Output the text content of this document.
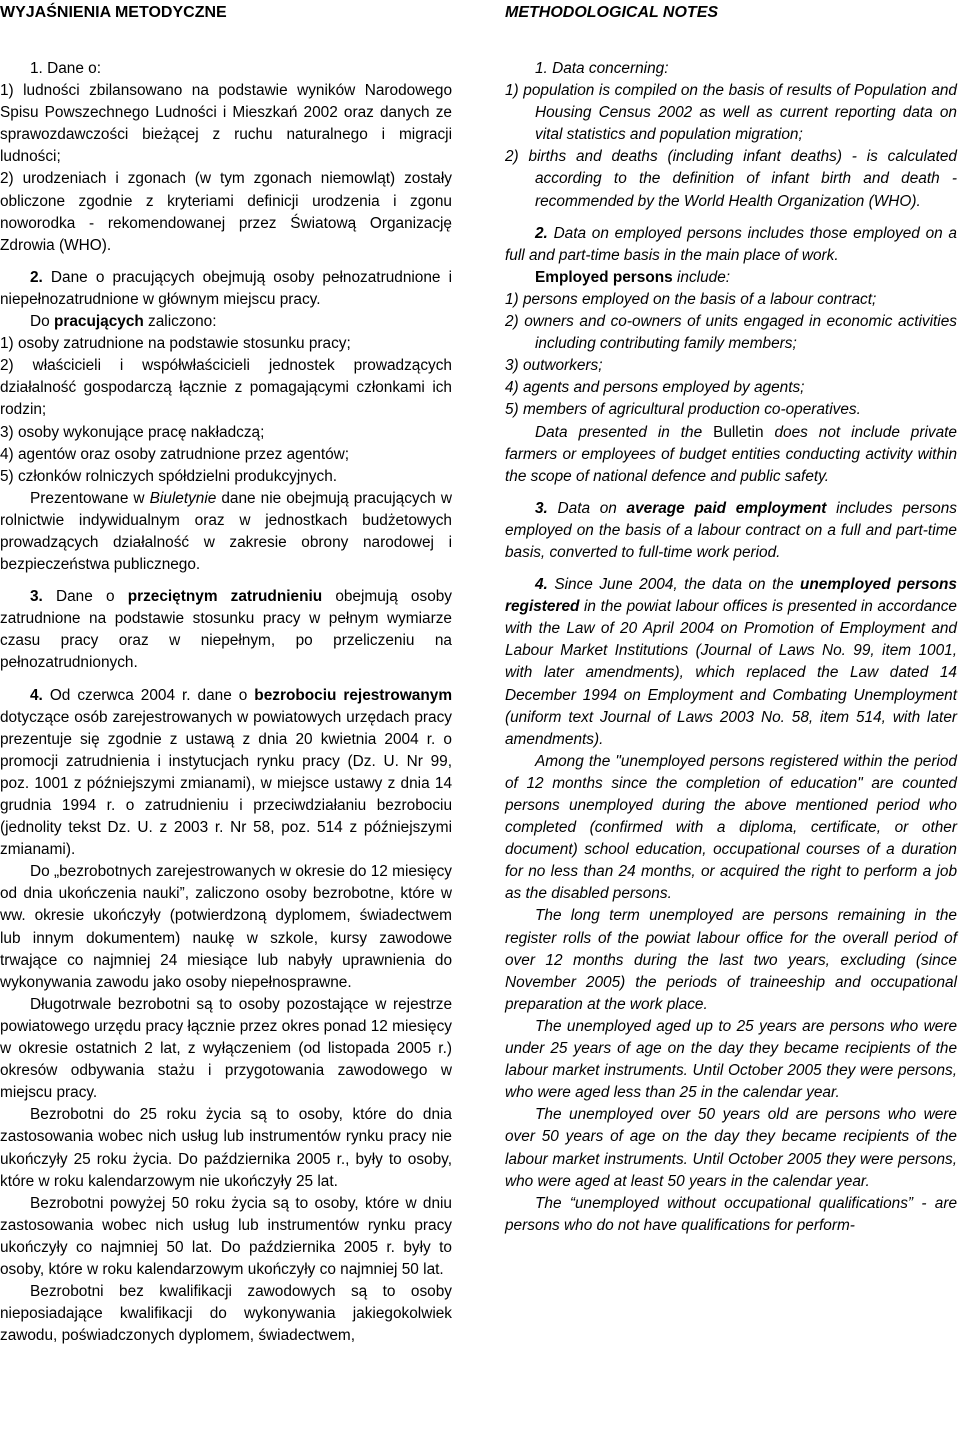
WYJAŚNIENIA METODYCZNE

1. Dane o:

1) ludności zbilansowano na podstawie wyników Narodowego Spisu Powszechnego Ludności i Mieszkań 2002 oraz danych ze sprawozdawczości bieżącej z ruchu naturalnego i migracji ludności;

2) urodzeniach i zgonach (w tym zgonach niemowląt) zostały obliczone zgodnie z kryteriami definicji urodzenia i zgonu noworodka - rekomendowanej przez Światową Organizację Zdrowia (WHO).

2. Dane o pracujących obejmują osoby pełnozatrudnione i niepełnozatrudnione w głównym miejscu pracy.

Do pracujących zaliczono:

1) osoby zatrudnione na podstawie stosunku pracy;

2) właścicieli i współwłaścicieli jednostek prowadzących działalność gospodarczą łącznie z pomagającymi członkami ich rodzin;

3) osoby wykonujące pracę nakładczą;

4) agentów oraz osoby zatrudnione przez agentów;

5) członków rolniczych spółdzielni produkcyjnych.

Prezentowane w Biuletynie dane nie obejmują pracujących w rolnictwie indywidualnym oraz w jednostkach budżetowych prowadzących działalność w zakresie obrony narodowej i bezpieczeństwa publicznego.

3. Dane o przeciętnym zatrudnieniu obejmują osoby zatrudnione na podstawie stosunku pracy w pełnym wymiarze czasu pracy oraz w niepełnym, po przeliczeniu na pełnozatrudnionych.

4. Od czerwca 2004 r. dane o bezrobociu rejestrowanym dotyczące osób zarejestrowanych w powiatowych urzędach pracy prezentuje się zgodnie z ustawą z dnia 20 kwietnia 2004 r. o promocji zatrudnienia i instytucjach rynku pracy (Dz. U. Nr 99, poz. 1001 z późniejszymi zmianami), w miejsce ustawy z dnia 14 grudnia 1994 r. o zatrudnieniu i przeciwdziałaniu bezrobociu (jednolity tekst Dz. U. z 2003 r. Nr 58, poz. 514 z późniejszymi zmianami).

Do „bezrobotnych zarejestrowanych w okresie do 12 miesięcy od dnia ukończenia nauki”, zaliczono osoby bezrobotne, które w ww. okresie ukończyły (potwierdzoną dyplomem, świadectwem lub innym dokumentem) naukę w szkole, kursy zawodowe trwające co najmniej 24 miesiące lub nabyły uprawnienia do wykonywania zawodu jako osoby niepełnosprawne.

Długotrwale bezrobotni są to osoby pozostające w rejestrze powiatowego urzędu pracy łącznie przez okres ponad 12 miesięcy w okresie ostatnich 2 lat, z wyłączeniem (od listopada 2005 r.) okresów odbywania stażu i przygotowania zawodowego w miejscu pracy.

Bezrobotni do 25 roku życia są to osoby, które do dnia zastosowania wobec nich usług lub instrumentów rynku pracy nie ukończyły 25 roku życia. Do października 2005 r., były to osoby, które w roku kalendarzowym nie ukończyły 25 lat.

Bezrobotni powyżej 50 roku życia są to osoby, które w dniu zastosowania wobec nich usług lub instrumentów rynku pracy ukończyły co najmniej 50 lat. Do października 2005 r. były to osoby, które w roku kalendarzowym ukończyły co najmniej 50 lat.

Bezrobotni bez kwalifikacji zawodowych są to osoby nieposiadające kwalifikacji do wykonywania jakiegokolwiek zawodu, poświadczonych dyplomem, świadectwem,

METHODOLOGICAL NOTES

1. Data concerning:

1) population is compiled on the basis of results of Population and Housing Census 2002 as well as current reporting data on vital statistics and population migration;

2) births and deaths (including infant deaths) - is calculated according to the definition of infant birth and death - recommended by the World Health Organization (WHO).

2. Data on employed persons includes those employed on a full and part-time basis in the main place of work.

Employed persons include:

1) persons employed on the basis of a labour contract;

2) owners and co-owners of units engaged in economic activities including contributing family members;

3) outworkers;

4) agents and persons employed by agents;

5) members of agricultural production co-operatives.

Data presented in the Bulletin does not include private farmers or employees of budget entities conducting activity within the scope of national defence and public safety.

3. Data on average paid employment includes persons employed on the basis of a labour contract on a full and part-time basis, converted to full-time work period.

4. Since June 2004, the data on the unemployed persons registered in the powiat labour offices is presented in accordance with the Law of 20 April 2004 on Promotion of Employment and Labour Market Institutions (Journal of Laws No. 99, item 1001, with later amendments), which replaced the Law dated 14 December 1994 on Employment and Combating Unemployment (uniform text Journal of Laws 2003 No. 58, item 514, with later amendments).

Among the "unemployed persons registered within the period of 12 months since the completion of education" are counted persons unemployed during the above mentioned period who completed (confirmed with a diploma, certificate, or other document) school education, occupational courses of a duration for no less than 24 months, or acquired the right to perform a job as the disabled persons.

The long term unemployed are persons remaining in the register rolls of the powiat labour office for the overall period of over 12 months during the last two years, excluding (since November 2005) the periods of traineeship and occupational preparation at the work place.

The unemployed aged up to 25 years are persons who were under 25 years of age on the day they became recipients of the labour market instruments. Until October 2005 they were persons, who were aged less than 25 in the calendar year.

The unemployed over 50 years old are persons who were over 50 years of age on the day they became recipients of the labour market instruments. Until October 2005 they were persons, who were aged at least 50 years in the calendar year.

The “unemployed without occupational qualifications” - are persons who do not have qualifications for perform-
